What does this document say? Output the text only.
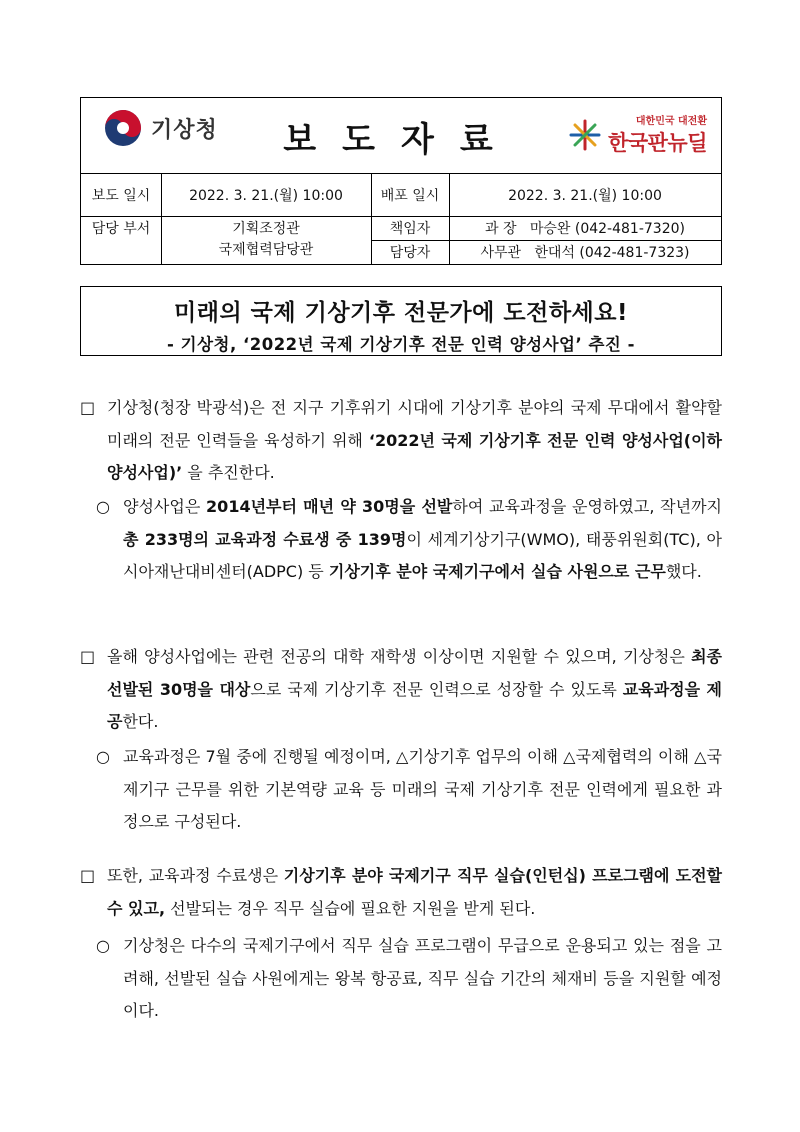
기상청	보도자료	대한민국 대전환
한국판뉴딜
보도 일시	2022. 3. 21.(월) 10:00	배포 일시	2022. 3. 21.(월) 10:00
담당 부서	기획조정관
국제협력담당관
책임자	과 장   마승완 (042-481-7320)
담당자	사무관   한대석 (042-481-7323)
미래의 국제 기상기후 전문가에 도전하세요!
- 기상청, ‘2022년 국제 기상기후 전문 인력 양성사업’ 추진 -
□ 기상청(청장 박광석)은 전 지구 기후위기 시대에 기상기후 분야의 국제 무대에서 활약할 미래의 전문 인력들을 육성하기 위해 ‘2022년 국제 기상기후 전문 인력 양성사업(이하 양성사업)’ 을 추진한다.
○ 양성사업은 2014년부터 매년 약 30명을 선발하여 교육과정을 운영하였고, 작년까지 총 233명의 교육과정 수료생 중 139명이 세계기상기구(WMO), 태풍위원회(TC), 아시아재난대비센터(ADPC) 등 기상기후 분야 국제기구에서 실습 사원으로 근무했다.
□ 올해 양성사업에는 관련 전공의 대학 재학생 이상이면 지원할 수 있으며, 기상청은 최종 선발된 30명을 대상으로 국제 기상기후 전문 인력으로 성장할 수 있도록 교육과정을 제공한다.
○ 교육과정은 7월 중에 진행될 예정이며, △기상기후 업무의 이해 △국제협력의 이해 △국제기구 근무를 위한 기본역량 교육 등 미래의 국제 기상기후 전문 인력에게 필요한 과정으로 구성된다.
□ 또한, 교육과정 수료생은 기상기후 분야 국제기구 직무 실습(인턴십) 프로그램에 도전할 수 있고, 선발되는 경우 직무 실습에 필요한 지원을 받게 된다.
○ 기상청은 다수의 국제기구에서 직무 실습 프로그램이 무급으로 운용되고 있는 점을 고려해, 선발된 실습 사원에게는 왕복 항공료, 직무 실습 기간의 체재비 등을 지원할 예정이다.
